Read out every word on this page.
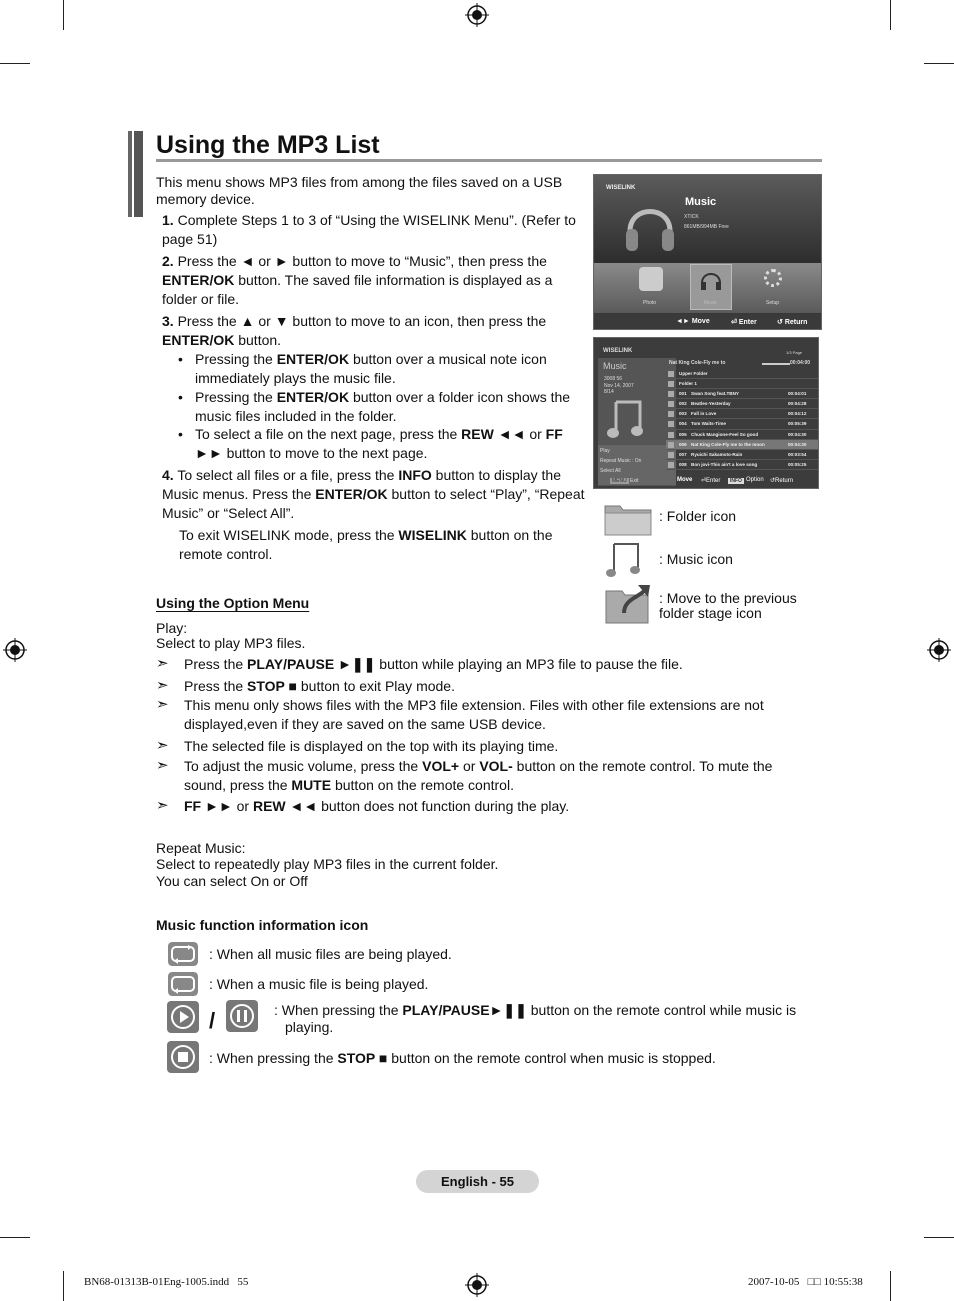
Using the MP3 List
This menu shows MP3 files from among the files saved on a USB memory device.
1. Complete Steps 1 to 3 of “Using the WISELINK Menu”. (Refer to page 51)
2. Press the ◄ or ► button to move to “Music”, then press the ENTER/OK button. The saved file information is displayed as a folder or file.
3. Press the ▲ or ▼ button to move to an icon, then press the ENTER/OK button.
• Pressing the ENTER/OK button over a musical note icon immediately plays the music file.
• Pressing the ENTER/OK button over a folder icon shows the music files included in the folder.
• To select a file on the next page, press the REW ◄◄ or FF ►► button to move to the next page.
4. To select all files or a file, press the INFO button to display the Music menus. Press the ENTER/OK button to select “Play”, “Repeat Music” or “Select All”.
To exit WISELINK mode, press the WISELINK button on the remote control.
WISELINK
Music
XTICK
861MB/994MB Free
Photo	Music	Setup
◄► Move	⏎ Enter	↺ Return
WISELINK
Music
3008 56
Nov 14, 2007
8/14
Play
Repeat Music : On
Select All
MENU Exit
Nat King Cole-Fly me to	00:04:00
1/3 Page
Upper Folder
Folder 1
001 Swan Song feat.TBNY	00:04:01
002 Beatles-Yesterday	00:04:28
003 Fall in Love	00:04:12
004 Tom Waits-Time	00:05:39
005 Chuck Mangione-Feel So good	00:04:30
006 Nat King Cole-Fly me to the moon	00:04:30
007 Ryuichi Sakamoto-Rain	00:03:54
008 Bon jovi-This ain't a love song	00:05:25
Move ⏎Enter	INFO Option ↺Return
: Folder icon
: Music icon
: Move to the previous
folder stage icon
Using the Option Menu
Play:
Select to play MP3 files.
➣	Press the PLAY/PAUSE ►❚❚ button while playing an MP3 file to pause the file.
➣	Press the STOP ■ button to exit Play mode.
➣	This menu only shows files with the MP3 file extension. Files with other file extensions are not displayed,even if they are saved on the same USB device.
➣	The selected file is displayed on the top with its playing time.
➣	To adjust the music volume, press the VOL+ or VOL- button on the remote control. To mute the sound, press the MUTE button on the remote control.
➣	FF ►► or REW ◄◄ button does not function during the play.
Repeat Music:
Select to repeatedly play MP3 files in the current folder.
You can select On or Off
Music function information icon
: When all music files are being played.
: When a music file is being played.
/	: When pressing the PLAY/PAUSE►❚❚ button on the remote control while music is playing.
: When pressing the STOP ■ button on the remote control when music is stopped.
English - 55
BN68-01313B-01Eng-1005.indd   55	2007-10-05   □□ 10:55:38
